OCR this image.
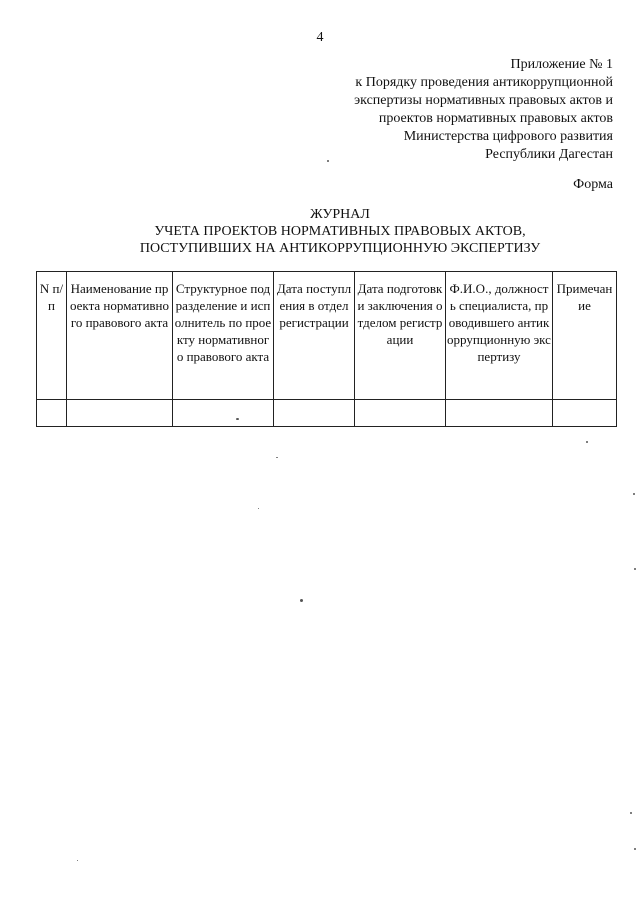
4
Приложение № 1
к Порядку проведения антикоррупционной
экспертизы нормативных правовых актов и
проектов нормативных правовых актов
Министерства цифрового развития
Республики Дагестан
Форма
ЖУРНАЛ
УЧЕТА ПРОЕКТОВ НОРМАТИВНЫХ ПРАВОВЫХ АКТОВ,
ПОСТУПИВШИХ НА АНТИКОРРУПЦИОННУЮ ЭКСПЕРТИЗУ
N п/п	Наименование проекта нормативного правового акта	Структурное подразделение и исполнитель по проекту нормативного правового акта	Дата поступления в отдел регистрации	Дата подготовки заключения отделом регистрации	Ф.И.О., должность специалиста, проводившего антикоррупционную экспертизу	Примечание
